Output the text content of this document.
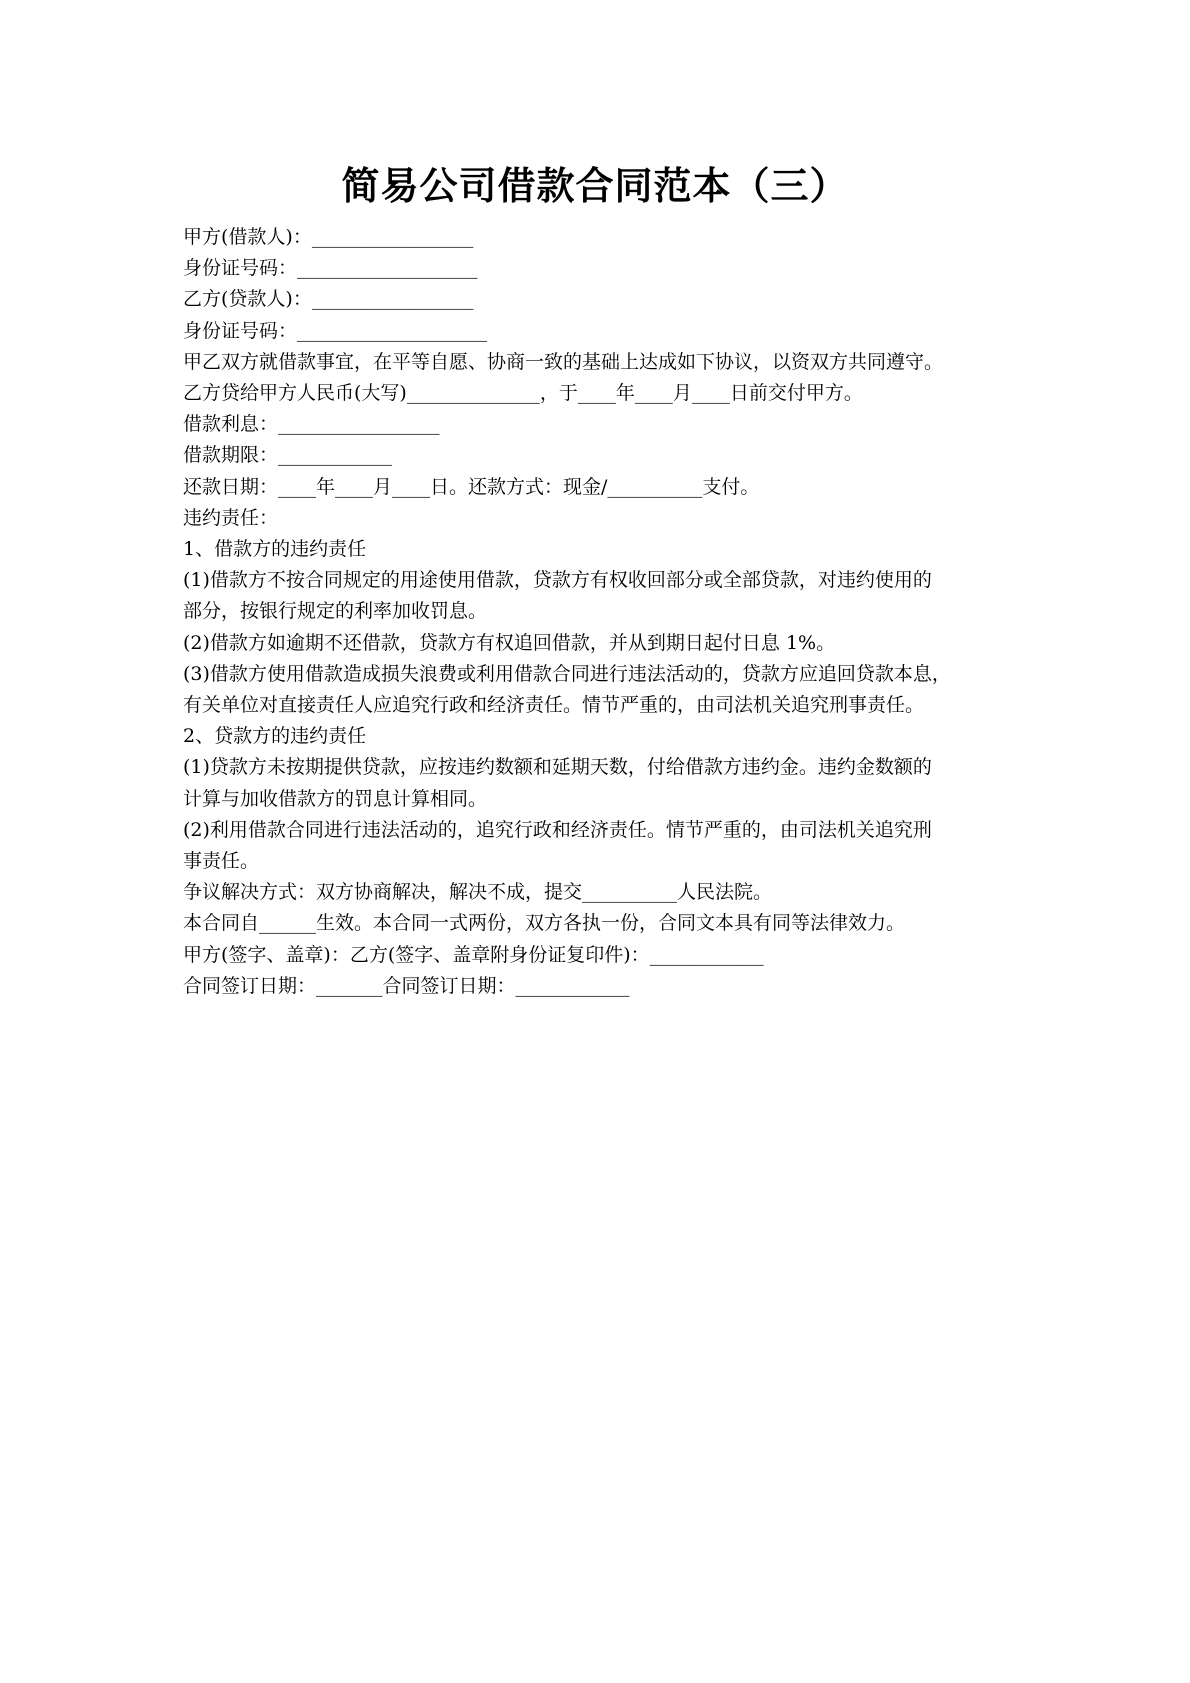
简易公司借款合同范本（三）
甲方(借款人)：_________________
身份证号码：___________________
乙方(贷款人)：_________________
身份证号码：____________________
甲乙双方就借款事宜，在平等自愿、协商一致的基础上达成如下协议，以资双方共同遵守。
乙方贷给甲方人民币(大写)______________，于____年____月____日前交付甲方。
借款利息：_________________
借款期限：____________
还款日期：____年____月____日。还款方式：现金/__________支付。
违约责任：
1、借款方的违约责任
(1)借款方不按合同规定的用途使用借款，贷款方有权收回部分或全部贷款，对违约使用的
部分，按银行规定的利率加收罚息。
(2)借款方如逾期不还借款，贷款方有权追回借款，并从到期日起付日息 1%。
(3)借款方使用借款造成损失浪费或利用借款合同进行违法活动的，贷款方应追回贷款本息，
有关单位对直接责任人应追究行政和经济责任。情节严重的，由司法机关追究刑事责任。
2、贷款方的违约责任
(1)贷款方未按期提供贷款，应按违约数额和延期天数，付给借款方违约金。违约金数额的
计算与加收借款方的罚息计算相同。
(2)利用借款合同进行违法活动的，追究行政和经济责任。情节严重的，由司法机关追究刑
事责任。
争议解决方式：双方协商解决，解决不成，提交__________人民法院。
本合同自______生效。本合同一式两份，双方各执一份，合同文本具有同等法律效力。
甲方(签字、盖章)：乙方(签字、盖章附身份证复印件)：____________
合同签订日期：_______合同签订日期：____________
